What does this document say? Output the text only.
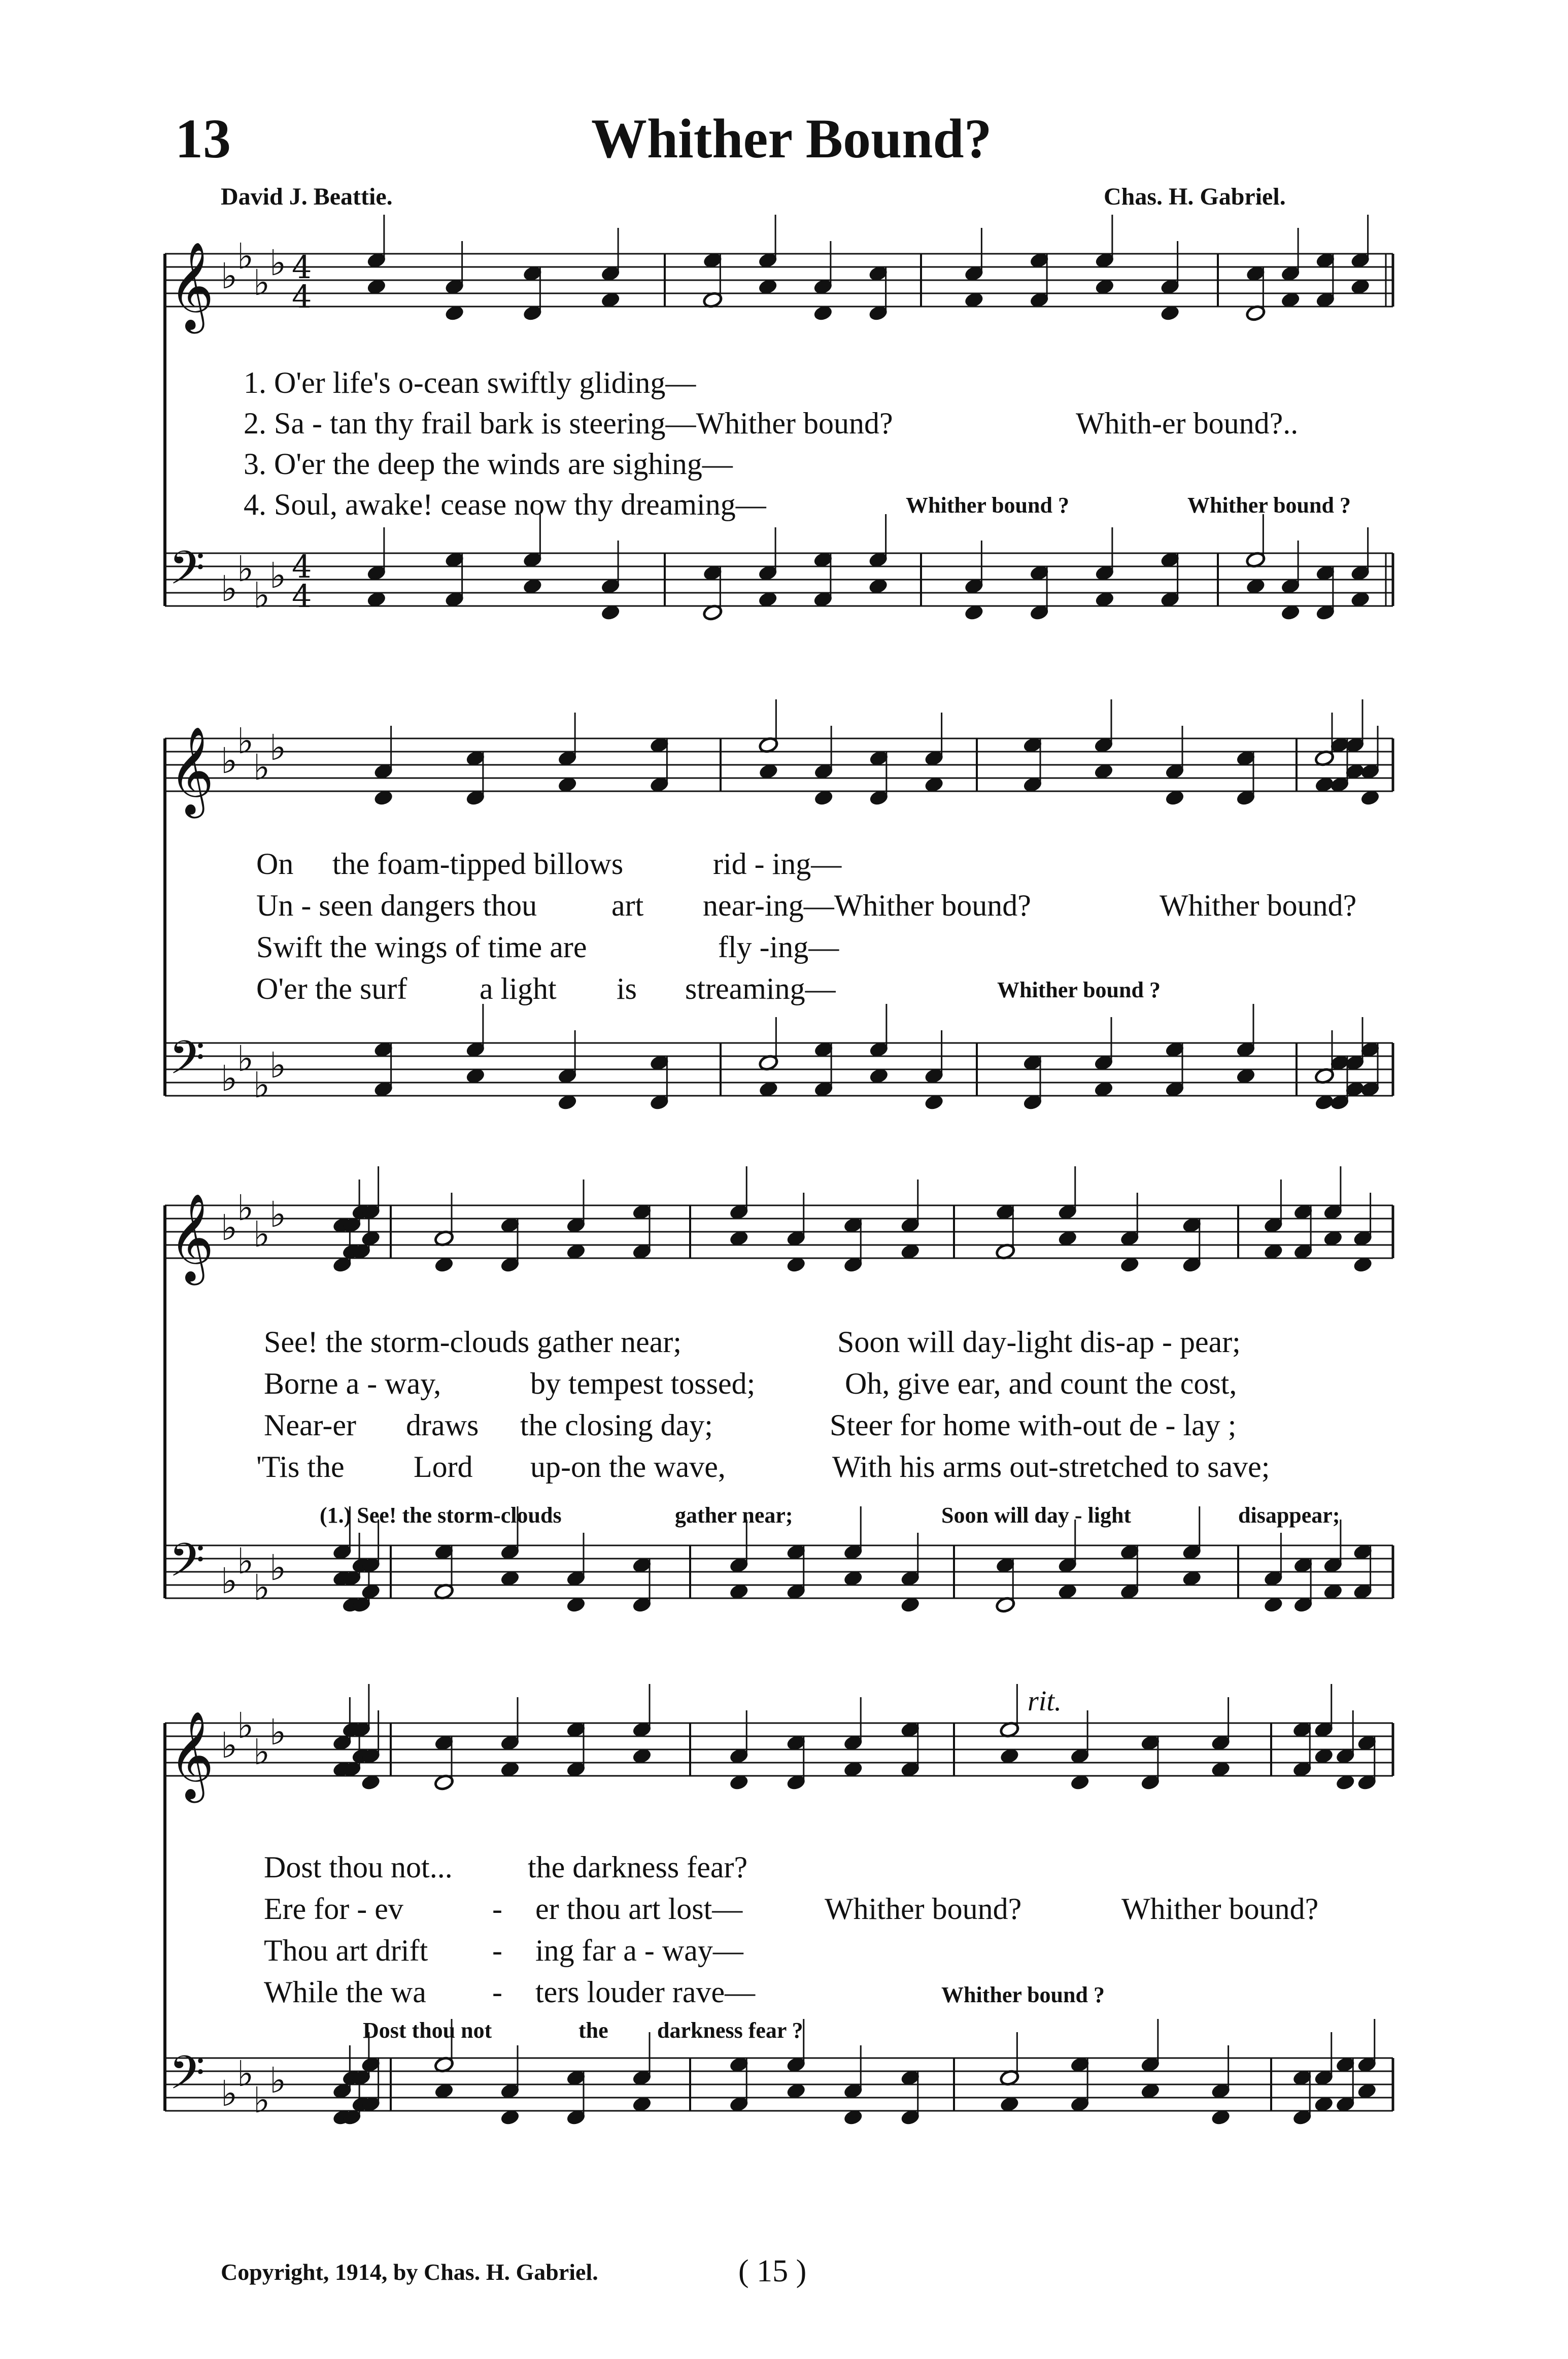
13	Whither Bound?
David J. Beattie.	Chas. H. Gabriel.
𝄞 ♭
♭
♭
♭ 4
4
𝄢 ♭
♭
♭
♭ 4
4
𝄞 ♭
♭
♭
♭
𝄢 ♭
♭
♭
♭
𝄞 ♭
♭
♭
♭
𝄢 ♭
♭
♭
♭
𝄞 ♭
♭
♭
♭
𝄢 ♭
♭
♭
♭
1. O'er life's o-cean swiftly gliding—
2. Sa - tan thy frail bark is steering—Whither bound?	Whith-er bound?..
3. O'er the deep the winds are sighing—
4. Soul, awake! cease now thy dreaming—	Whither bound ?	Whither bound ?
On the foam-tipped billows	rid - ing—
Un - seen dangers thou art near-ing—Whither bound?	Whither bound?
Swift the wings of time are	fly -ing—
O'er the surf a light is streaming—	Whither bound ?
See! the storm-clouds gather near;	Soon will day-light dis-ap - pear;
Borne a - way,	by tempest tossed;	Oh, give ear, and count the cost,
Near-er draws the closing day;	Steer for home with-out de - lay ;
'Tis the Lord up-on the wave,	With his arms out-stretched to save;
(1.) See! the storm-clouds	gather near;	Soon will day - light	disappear;
Dost thou not... the darkness fear?
Ere for - ev	- er thou art lost—	Whither bound?	Whither bound?
Thou art drift - ing far a - way—
While the wa - ters louder rave—	Whither bound ?
Dost thou not	the darkness fear ?
rit.
Copyright, 1914, by Chas. H. Gabriel.	( 15 )
